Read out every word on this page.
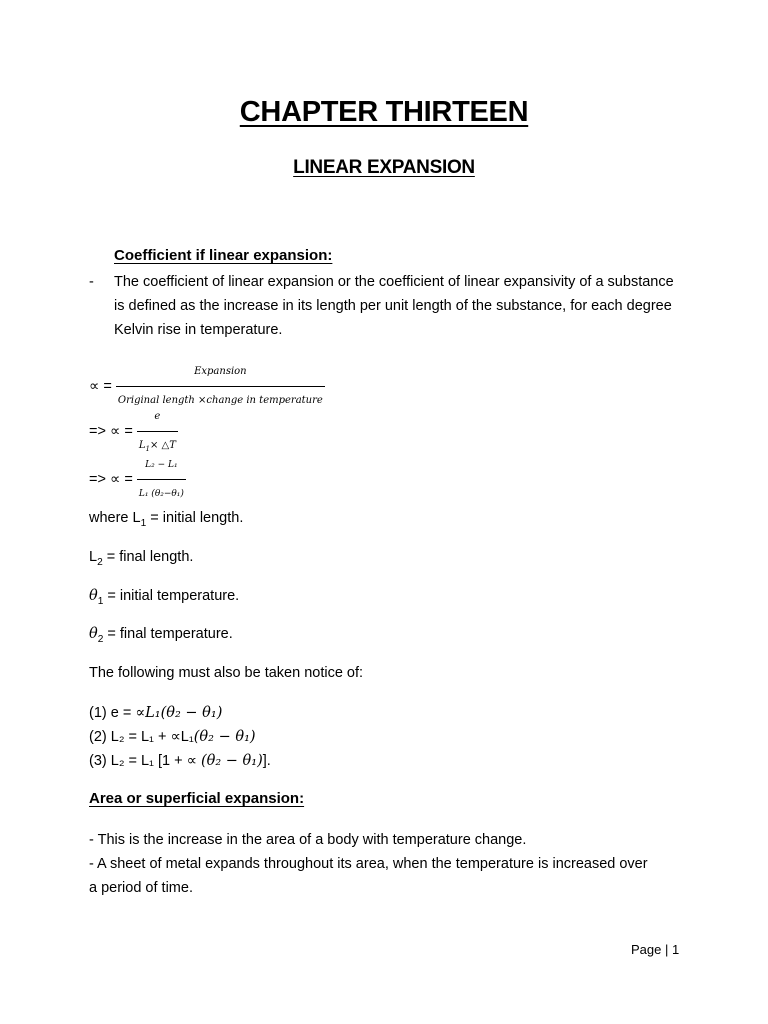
CHAPTER THIRTEEN
LINEAR EXPANSION
Coefficient if linear expansion:
- The coefficient of linear expansion or the coefficient of linear expansivity of a substance is defined as the increase in its length per unit length of the substance, for each degree Kelvin rise in temperature.
∝ = $\frac{\text{Expansion}}{\text{Original length ×change in temperature}}$
=> ∝ = $\frac{e}{L_1\times \triangle T}$
=> ∝ = $\frac{\text{L₂ − L₁}}{\text{L₁ (θ₂−θ₁)}}$
where $L_1$ = initial length.
$L_2$ = final length.
$\theta_1$ = initial temperature.
$\theta_2$ = final temperature.
The following must also be taken notice of:
(1) e = ∝L₁(θ₂ − θ₁)
(2) L₂ = L₁ + ∝L₁(θ₂ − θ₁)
(3) L₂ = L₁ [1 + ∝ (θ₂ − θ₁)].
Area or superficial expansion:
- This is the increase in the area of a body with temperature change.
- A sheet of metal expands throughout its area, when the temperature is increased over
a period of time.
Page | 1
